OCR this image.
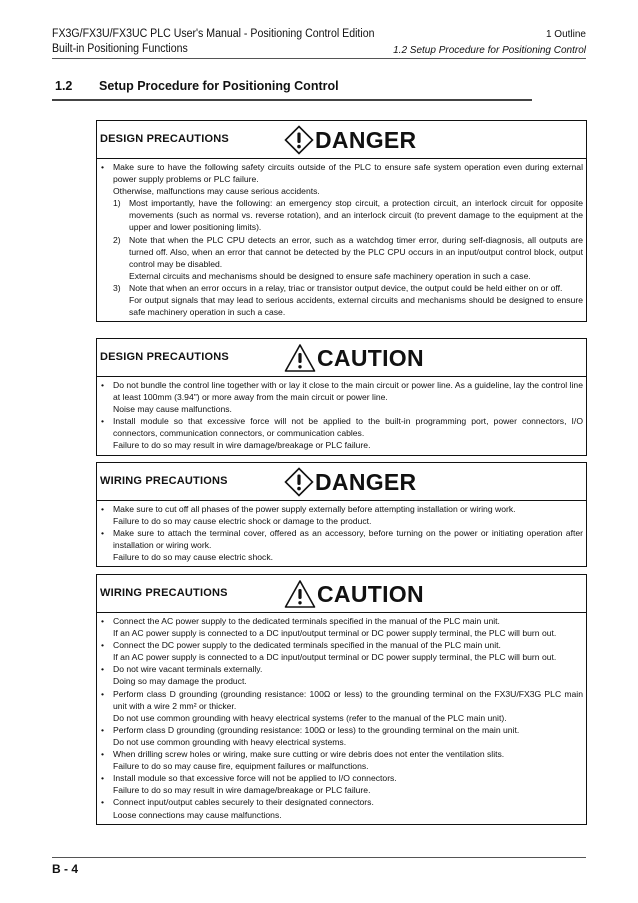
FX3G/FX3U/FX3UC PLC User's Manual - Positioning Control Edition
Built-in Positioning Functions
1 Outline
1.2 Setup Procedure for Positioning Control
1.2 Setup Procedure for Positioning Control
DESIGN PRECAUTIONS	DANGER
• Make sure to have the following safety circuits outside of the PLC to ensure safe system operation even during external power supply problems or PLC failure.
Otherwise, malfunctions may cause serious accidents.
1) Most importantly, have the following: an emergency stop circuit, a protection circuit, an interlock circuit for opposite movements (such as normal vs. reverse rotation), and an interlock circuit (to prevent damage to the equipment at the upper and lower positioning limits).
2) Note that when the PLC CPU detects an error, such as a watchdog timer error, during self-diagnosis, all outputs are turned off. Also, when an error that cannot be detected by the PLC CPU occurs in an input/output control block, output control may be disabled.
External circuits and mechanisms should be designed to ensure safe machinery operation in such a case.
3) Note that when an error occurs in a relay, triac or transistor output device, the output could be held either on or off.
For output signals that may lead to serious accidents, external circuits and mechanisms should be designed to ensure safe machinery operation in such a case.
DESIGN PRECAUTIONS	CAUTION
• Do not bundle the control line together with or lay it close to the main circuit or power line. As a guideline, lay the control line at least 100mm (3.94") or more away from the main circuit or power line.
Noise may cause malfunctions.
• Install module so that excessive force will not be applied to the built-in programming port, power connectors, I/O connectors, communication connectors, or communication cables.
Failure to do so may result in wire damage/breakage or PLC failure.
WIRING PRECAUTIONS	DANGER
• Make sure to cut off all phases of the power supply externally before attempting installation or wiring work.
Failure to do so may cause electric shock or damage to the product.
• Make sure to attach the terminal cover, offered as an accessory, before turning on the power or initiating operation after installation or wiring work.
Failure to do so may cause electric shock.
WIRING PRECAUTIONS	CAUTION
• Connect the AC power supply to the dedicated terminals specified in the manual of the PLC main unit.
If an AC power supply is connected to a DC input/output terminal or DC power supply terminal, the PLC will burn out.
• Connect the DC power supply to the dedicated terminals specified in the manual of the PLC main unit.
If an AC power supply is connected to a DC input/output terminal or DC power supply terminal, the PLC will burn out.
• Do not wire vacant terminals externally.
Doing so may damage the product.
• Perform class D grounding (grounding resistance: 100Ω or less) to the grounding terminal on the FX3U/FX3G PLC main unit with a wire 2 mm² or thicker.
Do not use common grounding with heavy electrical systems (refer to the manual of the PLC main unit).
• Perform class D grounding (grounding resistance: 100Ω or less) to the grounding terminal on the main unit.
Do not use common grounding with heavy electrical systems.
• When drilling screw holes or wiring, make sure cutting or wire debris does not enter the ventilation slits.
Failure to do so may cause fire, equipment failures or malfunctions.
• Install module so that excessive force will not be applied to I/O connectors.
Failure to do so may result in wire damage/breakage or PLC failure.
• Connect input/output cables securely to their designated connectors.
Loose connections may cause malfunctions.
B - 4
